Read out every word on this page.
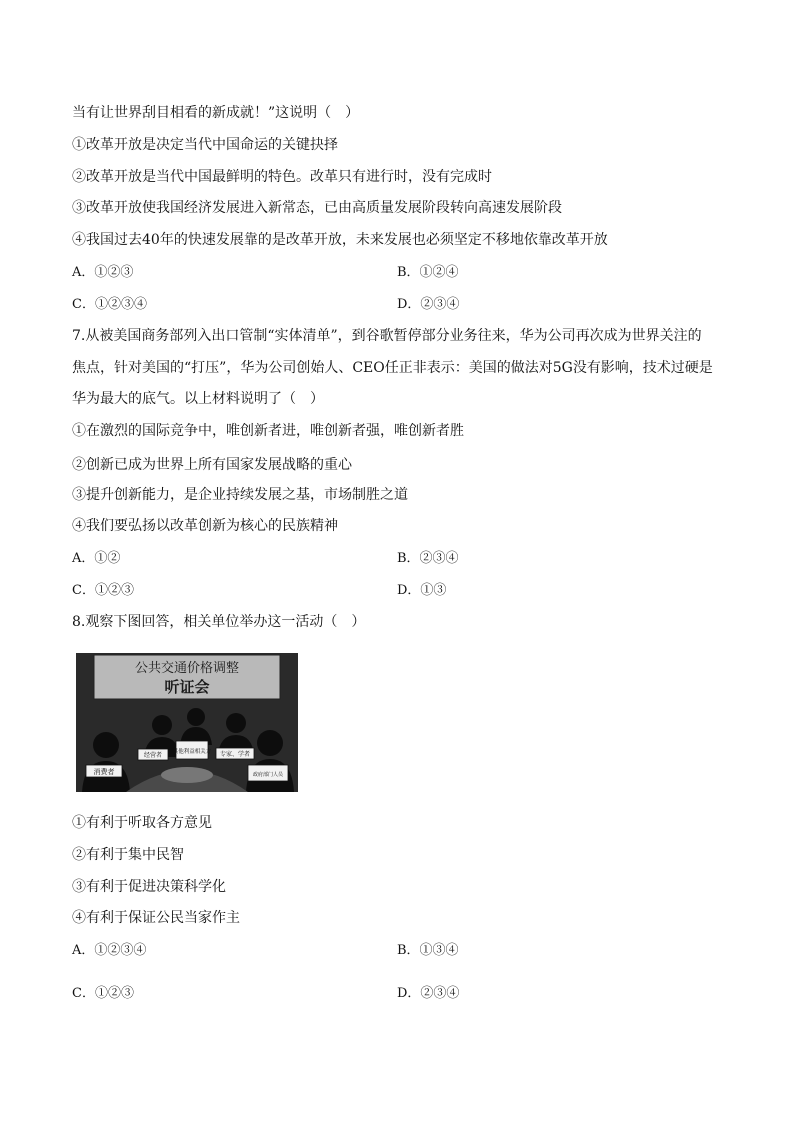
当有让世界刮目相看的新成就！”这说明（　）
①改革开放是决定当代中国命运的关键抉择
②改革开放是当代中国最鲜明的特色。改革只有进行时，没有完成时
③改革开放使我国经济发展进入新常态，已由高质量发展阶段转向高速发展阶段
④我国过去40年的快速发展靠的是改革开放，未来发展也必须坚定不移地依靠改革开放
A．①②③	B．①②④
C．①②③④	D．②③④
7.从被美国商务部列入出口管制“实体清单”，到谷歌暂停部分业务往来，华为公司再次成为世界关注的
焦点，针对美国的“打压”，华为公司创始人、CEO任正非表示：美国的做法对5G没有影响，技术过硬是
华为最大的底气。以上材料说明了（　）
①在激烈的国际竞争中，唯创新者进，唯创新者强，唯创新者胜
②创新已成为世界上所有国家发展战略的重心
③提升创新能力，是企业持续发展之基，市场制胜之道
④我们要弘扬以改革创新为核心的民族精神
A．①②	B．②③④
C．①②③	D．①③
8.观察下图回答，相关单位举办这一活动（　）
公共交通价格调整
听证会
其他利益相关方
经营者	专家、学者
消费者	政府部门人员
①有利于听取各方意见
②有利于集中民智
③有利于促进决策科学化
④有利于保证公民当家作主
A．①②③④	B．①③④
C．①②③	D．②③④
